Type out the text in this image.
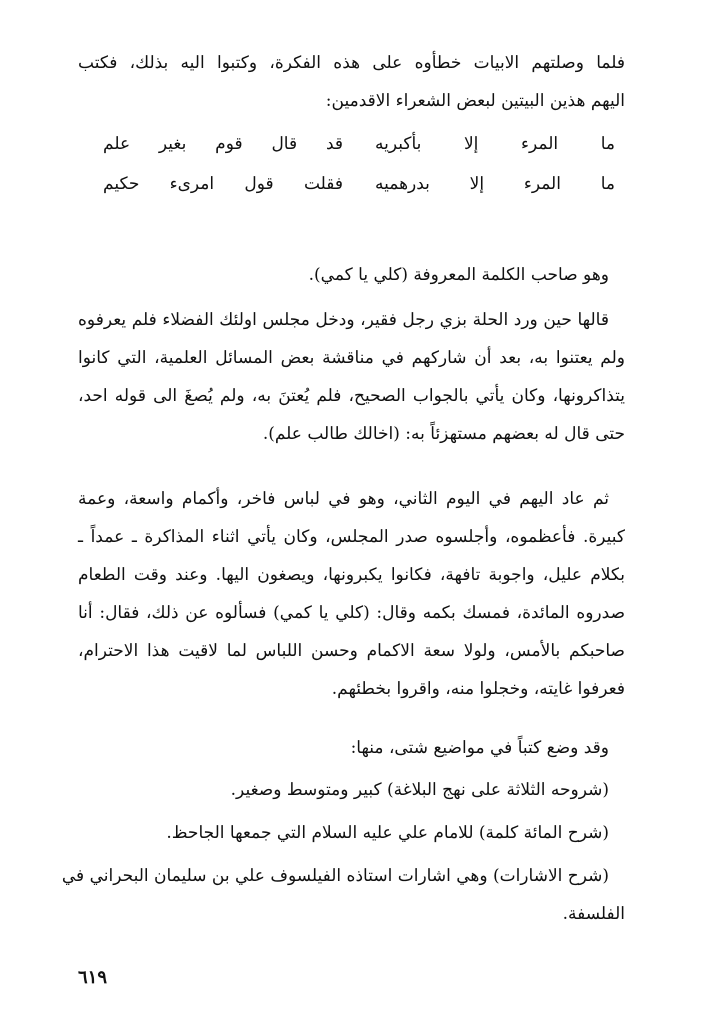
فلما وصلتهم الابيات خطأوه على هذه الفكرة، وكتبوا اليه بذلك، فكتب
اليهم هذين البيتين لبعض الشعراء الاقدمين:
قد قال قوم بغير علم ما المرء إلا بأكبريه
فقلت قول امرىء حكيم ما المرء إلا بدرهميه
وهو صاحب الكلمة المعروفة (كلي يا كمي).
قالها حين ورد الحلة بزي رجل فقير، ودخل مجلس اولئك الفضلاء فلم يعرفوه
ولم يعتنوا به، بعد أن شاركهم في مناقشة بعض المسائل العلمية، التي كانوا
يتذاكرونها، وكان يأتي بالجواب الصحيح، فلم يُعتنَ به، ولم يُصغَ الى قوله احد،
حتى قال له بعضهم مستهزئاً به: (اخالك طالب علم).
ثم عاد اليهم في اليوم الثاني، وهو في لباس فاخر، وأكمام واسعة، وعمة
كبيرة. فأعظموه، وأجلسوه صدر المجلس، وكان يأتي اثناء المذاكرة ـ عمداً ـ
بكلام عليل، واجوبة تافهة، فكانوا يكبرونها، ويصغون اليها. وعند وقت الطعام
صدروه المائدة، فمسك بكمه وقال: (كلي يا كمي) فسألوه عن ذلك، فقال: أنا
صاحبكم بالأمس، ولولا سعة الاكمام وحسن اللباس لما لاقيت هذا الاحترام،
فعرفوا غايته، وخجلوا منه، واقروا بخطئهم.
وقد وضع كتباً في مواضيع شتى، منها:
(شروحه الثلاثة على نهج البلاغة) كبير ومتوسط وصغير.
(شرح المائة كلمة) للامام علي عليه السلام التي جمعها الجاحظ.
(شرح الاشارات) وهي اشارات استاذه الفيلسوف علي بن سليمان البحراني في
الفلسفة.
٦١٩
